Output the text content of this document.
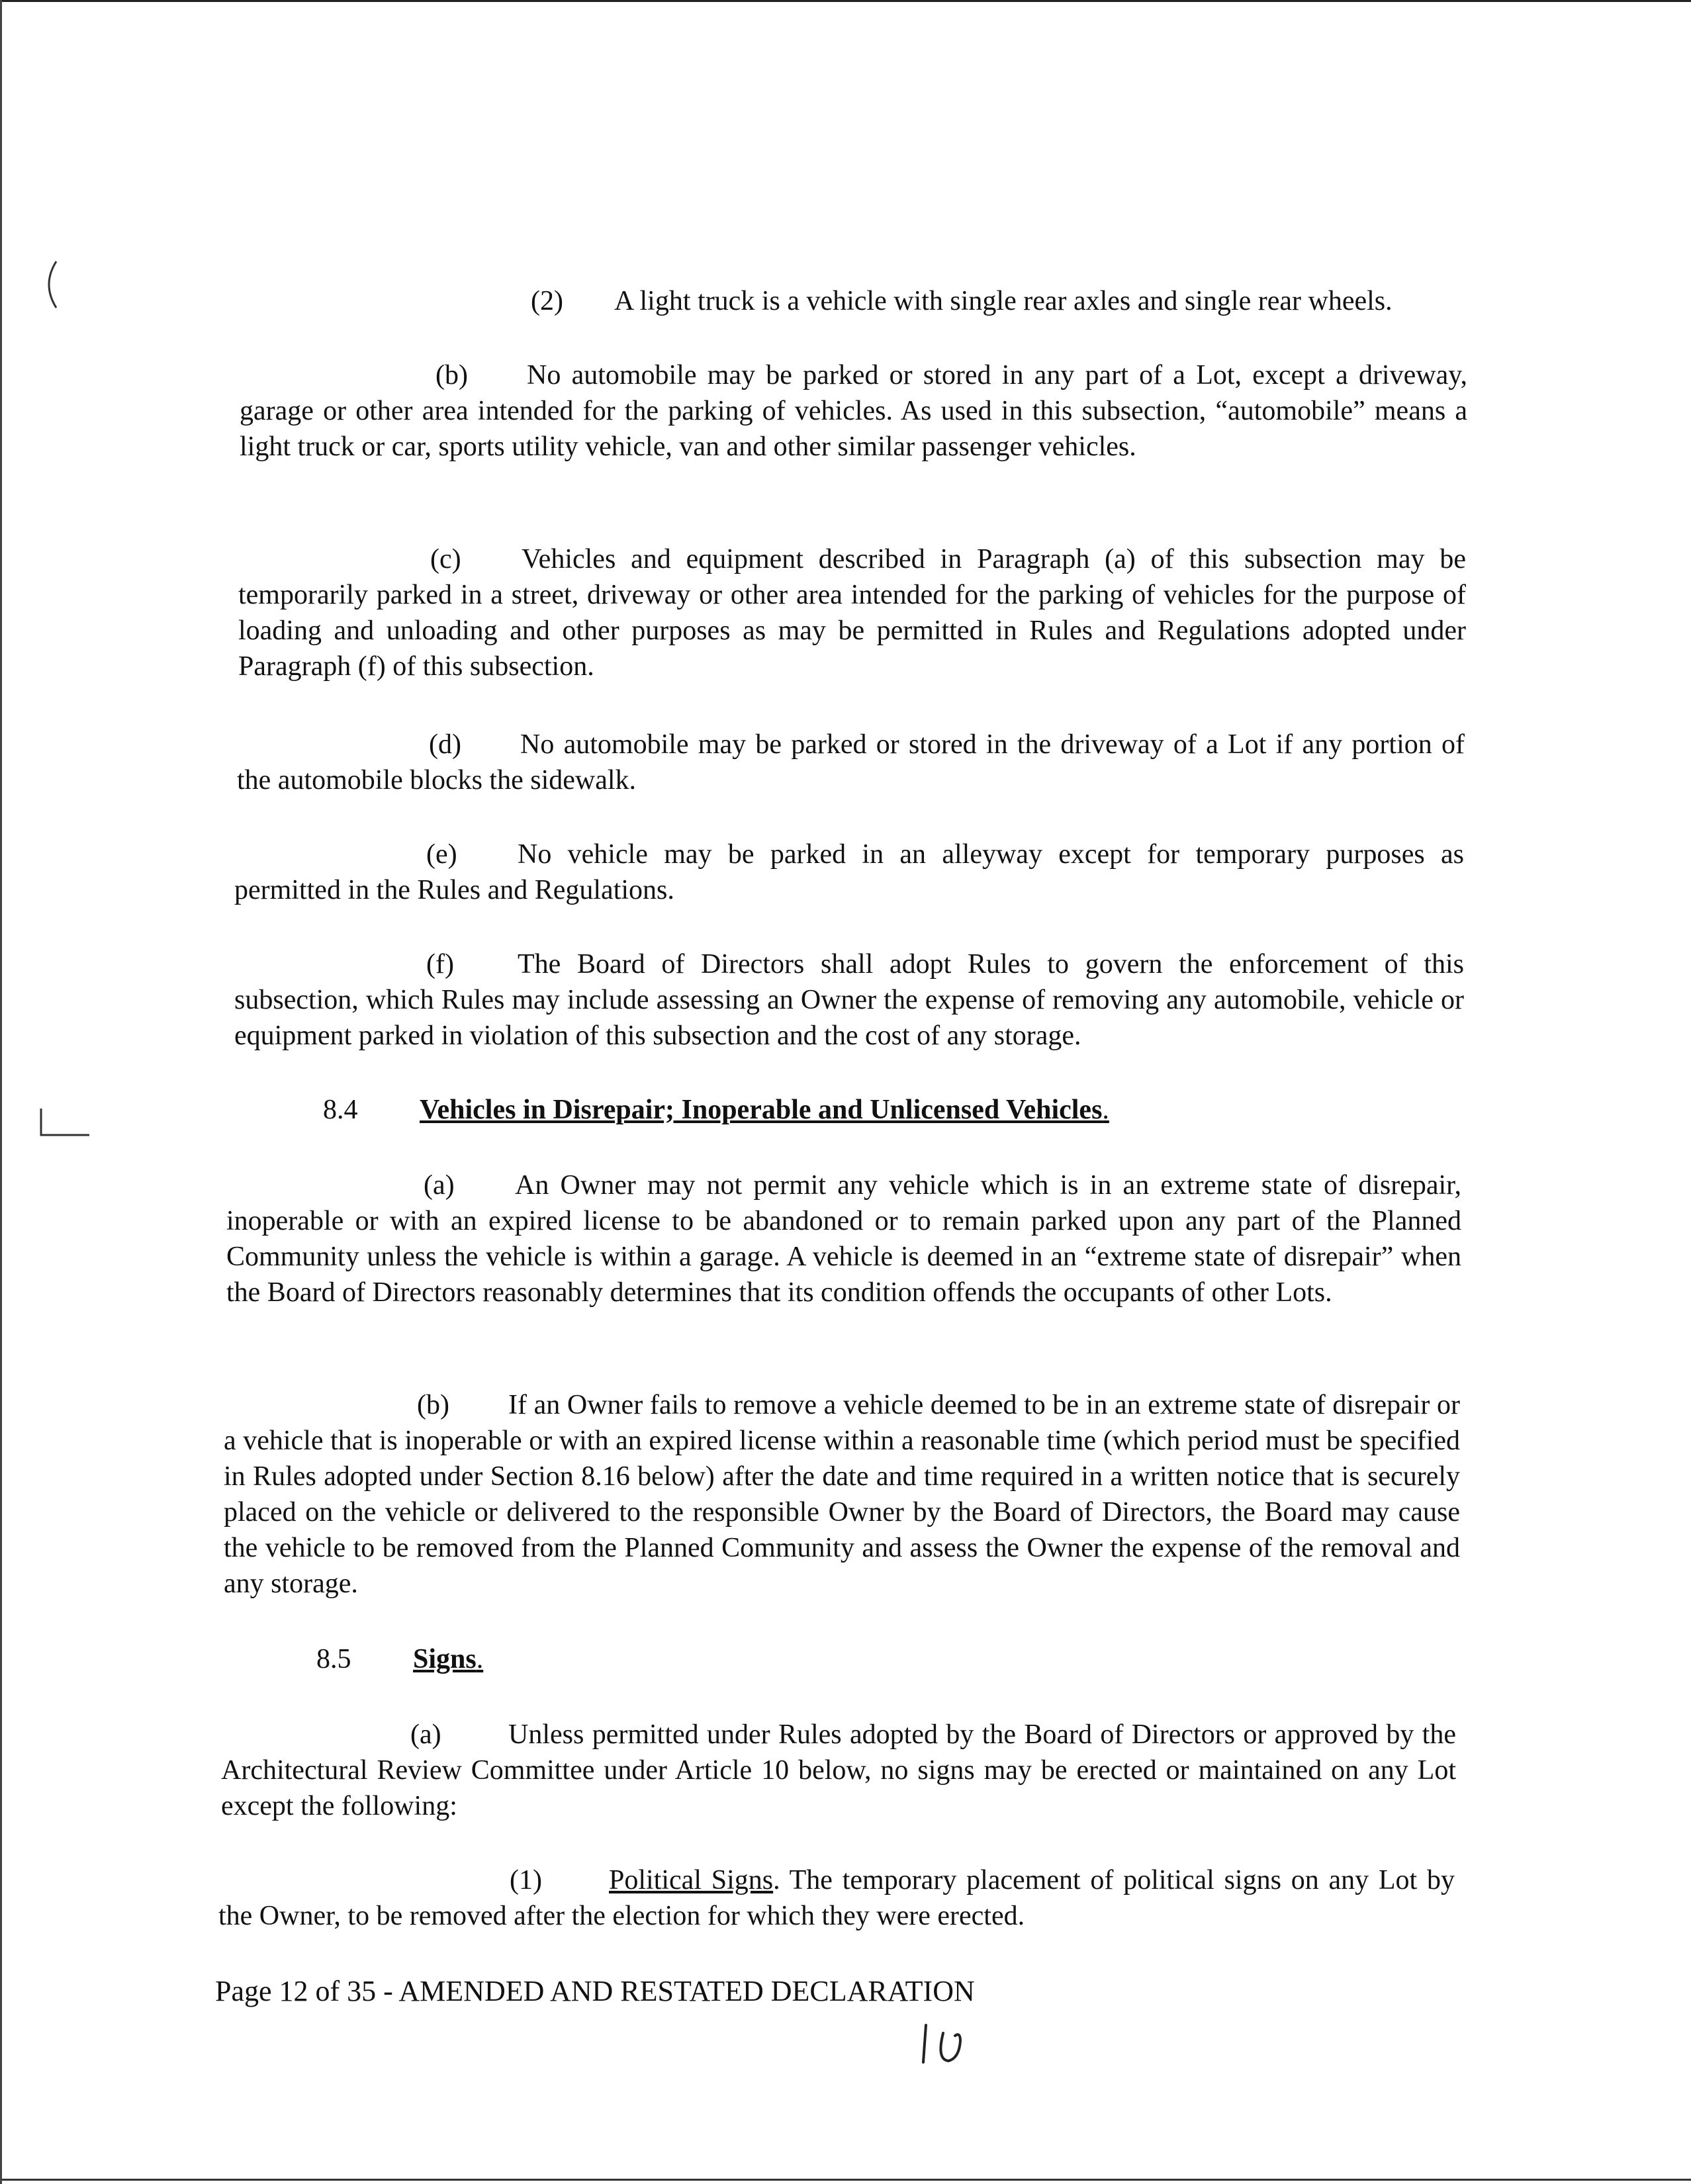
(2) A light truck is a vehicle with single rear axles and single rear wheels.
(b) No automobile may be parked or stored in any part of a Lot, except a driveway, garage or other area intended for the parking of vehicles. As used in this subsection, “automobile” means a light truck or car, sports utility vehicle, van and other similar passenger vehicles.
(c) Vehicles and equipment described in Paragraph (a) of this subsection may be temporarily parked in a street, driveway or other area intended for the parking of vehicles for the purpose of loading and unloading and other purposes as may be permitted in Rules and Regulations adopted under Paragraph (f) of this subsection.
(d) No automobile may be parked or stored in the driveway of a Lot if any portion of the automobile blocks the sidewalk.
(e) No vehicle may be parked in an alleyway except for temporary purposes as permitted in the Rules and Regulations.
(f) The Board of Directors shall adopt Rules to govern the enforcement of this subsection, which Rules may include assessing an Owner the expense of removing any automobile, vehicle or equipment parked in violation of this subsection and the cost of any storage.
8.4 Vehicles in Disrepair; Inoperable and Unlicensed Vehicles.
(a) An Owner may not permit any vehicle which is in an extreme state of disrepair, inoperable or with an expired license to be abandoned or to remain parked upon any part of the Planned Community unless the vehicle is within a garage. A vehicle is deemed in an “extreme state of disrepair” when the Board of Directors reasonably determines that its condition offends the occupants of other Lots.
(b) If an Owner fails to remove a vehicle deemed to be in an extreme state of disrepair or a vehicle that is inoperable or with an expired license within a reasonable time (which period must be specified in Rules adopted under Section 8.16 below) after the date and time required in a written notice that is securely placed on the vehicle or delivered to the responsible Owner by the Board of Directors, the Board may cause the vehicle to be removed from the Planned Community and assess the Owner the expense of the removal and any storage.
8.5 Signs.
(a) Unless permitted under Rules adopted by the Board of Directors or approved by the Architectural Review Committee under Article 10 below, no signs may be erected or maintained on any Lot except the following:
(1) Political Signs. The temporary placement of political signs on any Lot by the Owner, to be removed after the election for which they were erected.
Page 12 of 35 - AMENDED AND RESTATED DECLARATION
